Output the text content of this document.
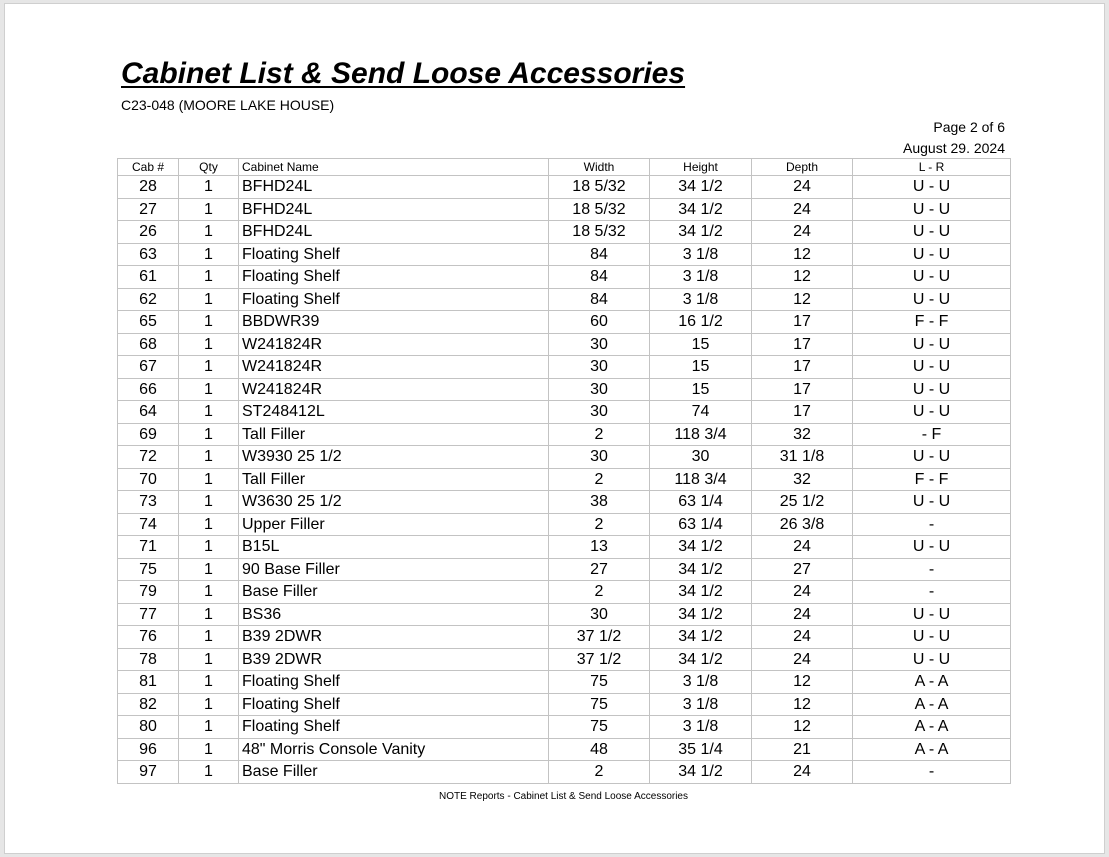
Cabinet List & Send Loose Accessories
C23-048 (MOORE LAKE HOUSE)
Page 2 of 6
August 29. 2024
Cab #	Qty	Cabinet Name	Width	Height	Depth	L - R
28	1	BFHD24L	18 5/32	34 1/2	24	U - U
27	1	BFHD24L	18 5/32	34 1/2	24	U - U
26	1	BFHD24L	18 5/32	34 1/2	24	U - U
63	1	Floating Shelf	84	3 1/8	12	U - U
61	1	Floating Shelf	84	3 1/8	12	U - U
62	1	Floating Shelf	84	3 1/8	12	U - U
65	1	BBDWR39	60	16 1/2	17	F - F
68	1	W241824R	30	15	17	U - U
67	1	W241824R	30	15	17	U - U
66	1	W241824R	30	15	17	U - U
64	1	ST248412L	30	74	17	U - U
69	1	Tall Filler	2	118 3/4	32	- F
72	1	W3930 25 1/2	30	30	31 1/8	U - U
70	1	Tall Filler	2	118 3/4	32	F - F
73	1	W3630 25 1/2	38	63 1/4	25 1/2	U - U
74	1	Upper Filler	2	63 1/4	26 3/8	-
71	1	B15L	13	34 1/2	24	U - U
75	1	90 Base Filler	27	34 1/2	27	-
79	1	Base Filler	2	34 1/2	24	-
77	1	BS36	30	34 1/2	24	U - U
76	1	B39 2DWR	37 1/2	34 1/2	24	U - U
78	1	B39 2DWR	37 1/2	34 1/2	24	U - U
81	1	Floating Shelf	75	3 1/8	12	A - A
82	1	Floating Shelf	75	3 1/8	12	A - A
80	1	Floating Shelf	75	3 1/8	12	A - A
96	1	48" Morris Console Vanity	48	35 1/4	21	A - A
97	1	Base Filler	2	34 1/2	24	-
NOTE Reports - Cabinet List & Send Loose Accessories
